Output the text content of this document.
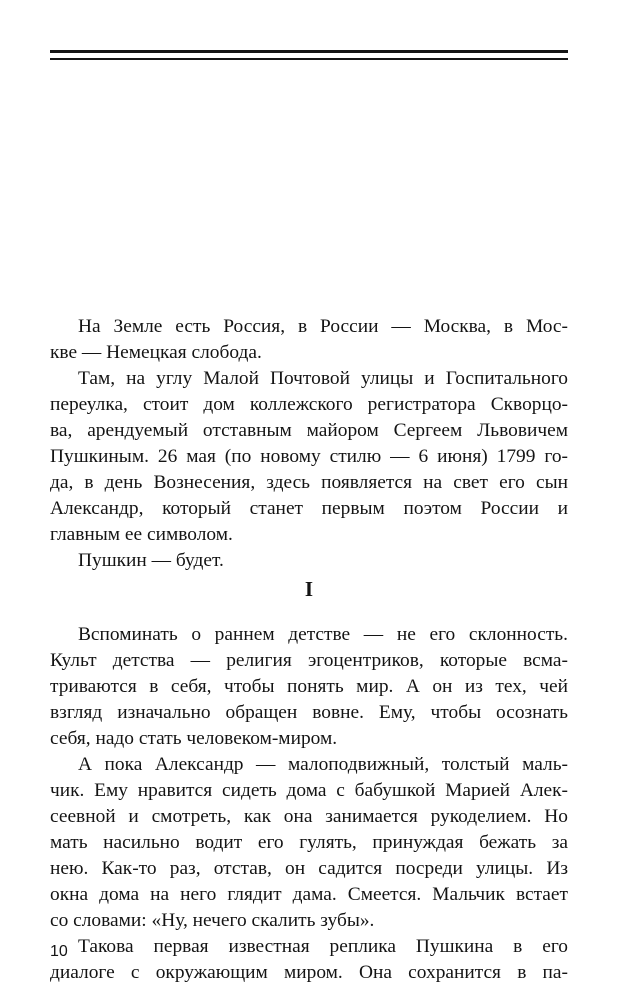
На Земле есть Россия, в России — Москва, в Мос-
кве — Немецкая слобода.
Там, на углу Малой Почтовой улицы и Госпитального
переулка, стоит дом коллежского регистратора Скворцо-
ва, арендуемый отставным майором Сергеем Львовичем
Пушкиным. 26 мая (по новому стилю — 6 июня) 1799 го-
да, в день Вознесения, здесь появляется на свет его сын
Александр, который станет первым поэтом России и
главным ее символом.
Пушкин — будет.
I
Вспоминать о раннем детстве — не его склонность.
Культ детства — религия эгоцентриков, которые всма-
триваются в себя, чтобы понять мир. А он из тех, чей
взгляд изначально обращен вовне. Ему, чтобы осознать
себя, надо стать человеком-миром.
А пока Александр — малоподвижный, толстый маль-
чик. Ему нравится сидеть дома с бабушкой Марией Алек-
сеевной и смотреть, как она занимается рукоделием. Но
мать насильно водит его гулять, принуждая бежать за
нею. Как-то раз, отстав, он садится посреди улицы. Из
окна дома на него глядит дама. Смеется. Мальчик встает
со словами: «Ну, нечего скалить зубы».
Такова первая известная реплика Пушкина в его
диалоге с окружающим миром. Она сохранится в па-
10
